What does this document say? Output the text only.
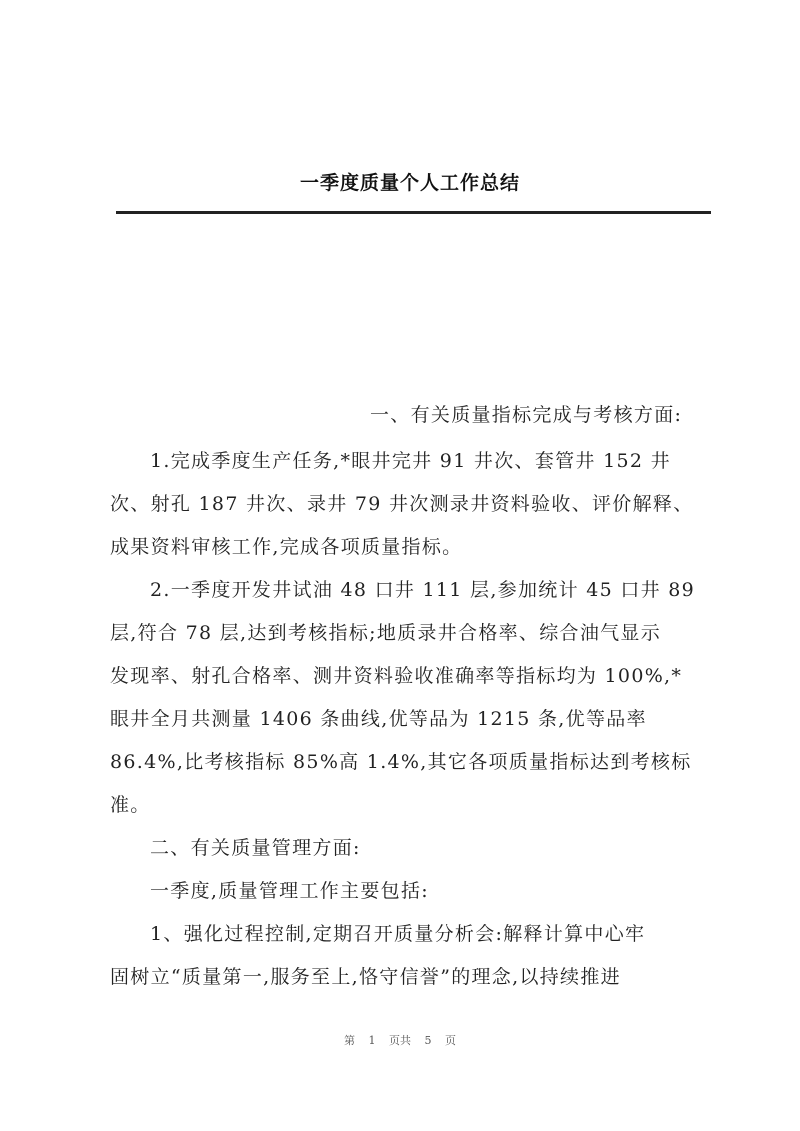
一季度质量个人工作总结
一、有关质量指标完成与考核方面:
1.完成季度生产任务,*眼井完井 91 井次、套管井 152 井
次、射孔 187 井次、录井 79 井次测录井资料验收、评价解释、
成果资料审核工作,完成各项质量指标。
2.一季度开发井试油 48 口井 111 层,参加统计 45 口井 89
层,符合 78 层,达到考核指标;地质录井合格率、综合油气显示
发现率、射孔合格率、测井资料验收准确率等指标均为 100%,*
眼井全月共测量 1406 条曲线,优等品为 1215 条,优等品率
86.4%,比考核指标 85%高 1.4%,其它各项质量指标达到考核标
准。
二、有关质量管理方面:
一季度,质量管理工作主要包括:
1、强化过程控制,定期召开质量分析会:解释计算中心牢
固树立“质量第一,服务至上,恪守信誉”的理念,以持续推进
第 1 页共 5 页
